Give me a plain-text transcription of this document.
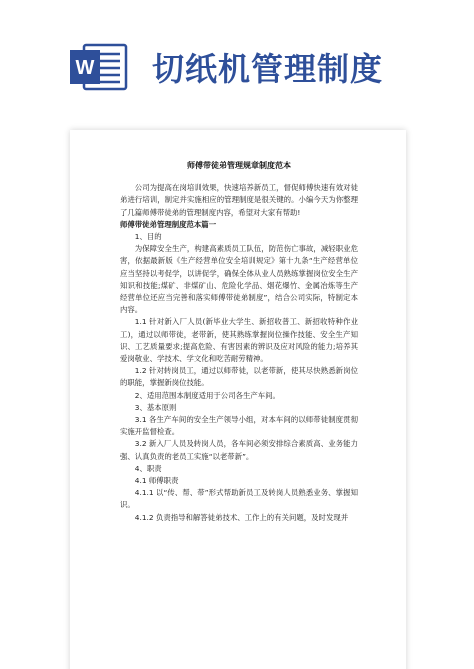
W 切纸机管理制度
师傅带徒弟管理规章制度范本

公司为提高在岗培训效果，快速培养新员工，督促师傅快速有效对徒弟进行培训，制定并实施相应的管理制度是很关键的。小编今天为你整理了几篇师傅带徒弟的管理制度内容，希望对大家有帮助!

师傅带徒弟管理制度范本篇一

1、目的

为保障安全生产，构建高素质员工队伍，防范伤亡事故，减轻职业危害，依据最新版《生产经营单位安全培训规定》第十九条“生产经营单位应当坚持以考促学，以讲促学，确保全体从业人员熟练掌握岗位安全生产知识和技能;煤矿、非煤矿山、危险化学品、烟花爆竹、金属冶炼等生产经营单位还应当完善和落实师傅带徒弟制度”，结合公司实际，特制定本内容。

1.1 针对新入厂人员(新毕业大学生、新招收普工、新招收特种作业工)，通过以师带徒，老带新，使其熟练掌握岗位操作技能、安全生产知识、工艺质量要求;提高危险、有害因素的辨识及应对风险的能力;培养其爱岗敬业、学技术、学文化和吃苦耐劳精神。

1.2 针对转岗员工，通过以师带徒，以老带新，使其尽快熟悉新岗位的职能，掌握新岗位技能。

2、适用范围本制度适用于公司各生产车间。

3、基本原则

3.1 各生产车间的安全生产领导小组，对本车间的以师带徒制度贯彻实施开监督检查。

3.2 新入厂人员及转岗人员，各车间必须安排综合素质高、业务能力强、认真负责的老员工实施“以老带新”。

4、职责

4.1 师傅职责

4.1.1 以“传、帮、带”形式帮助新员工及转岗人员熟悉业务、掌握知识。

4.1.2 负责指导和解答徒弟技术、工作上的有关问题，及时发现并
